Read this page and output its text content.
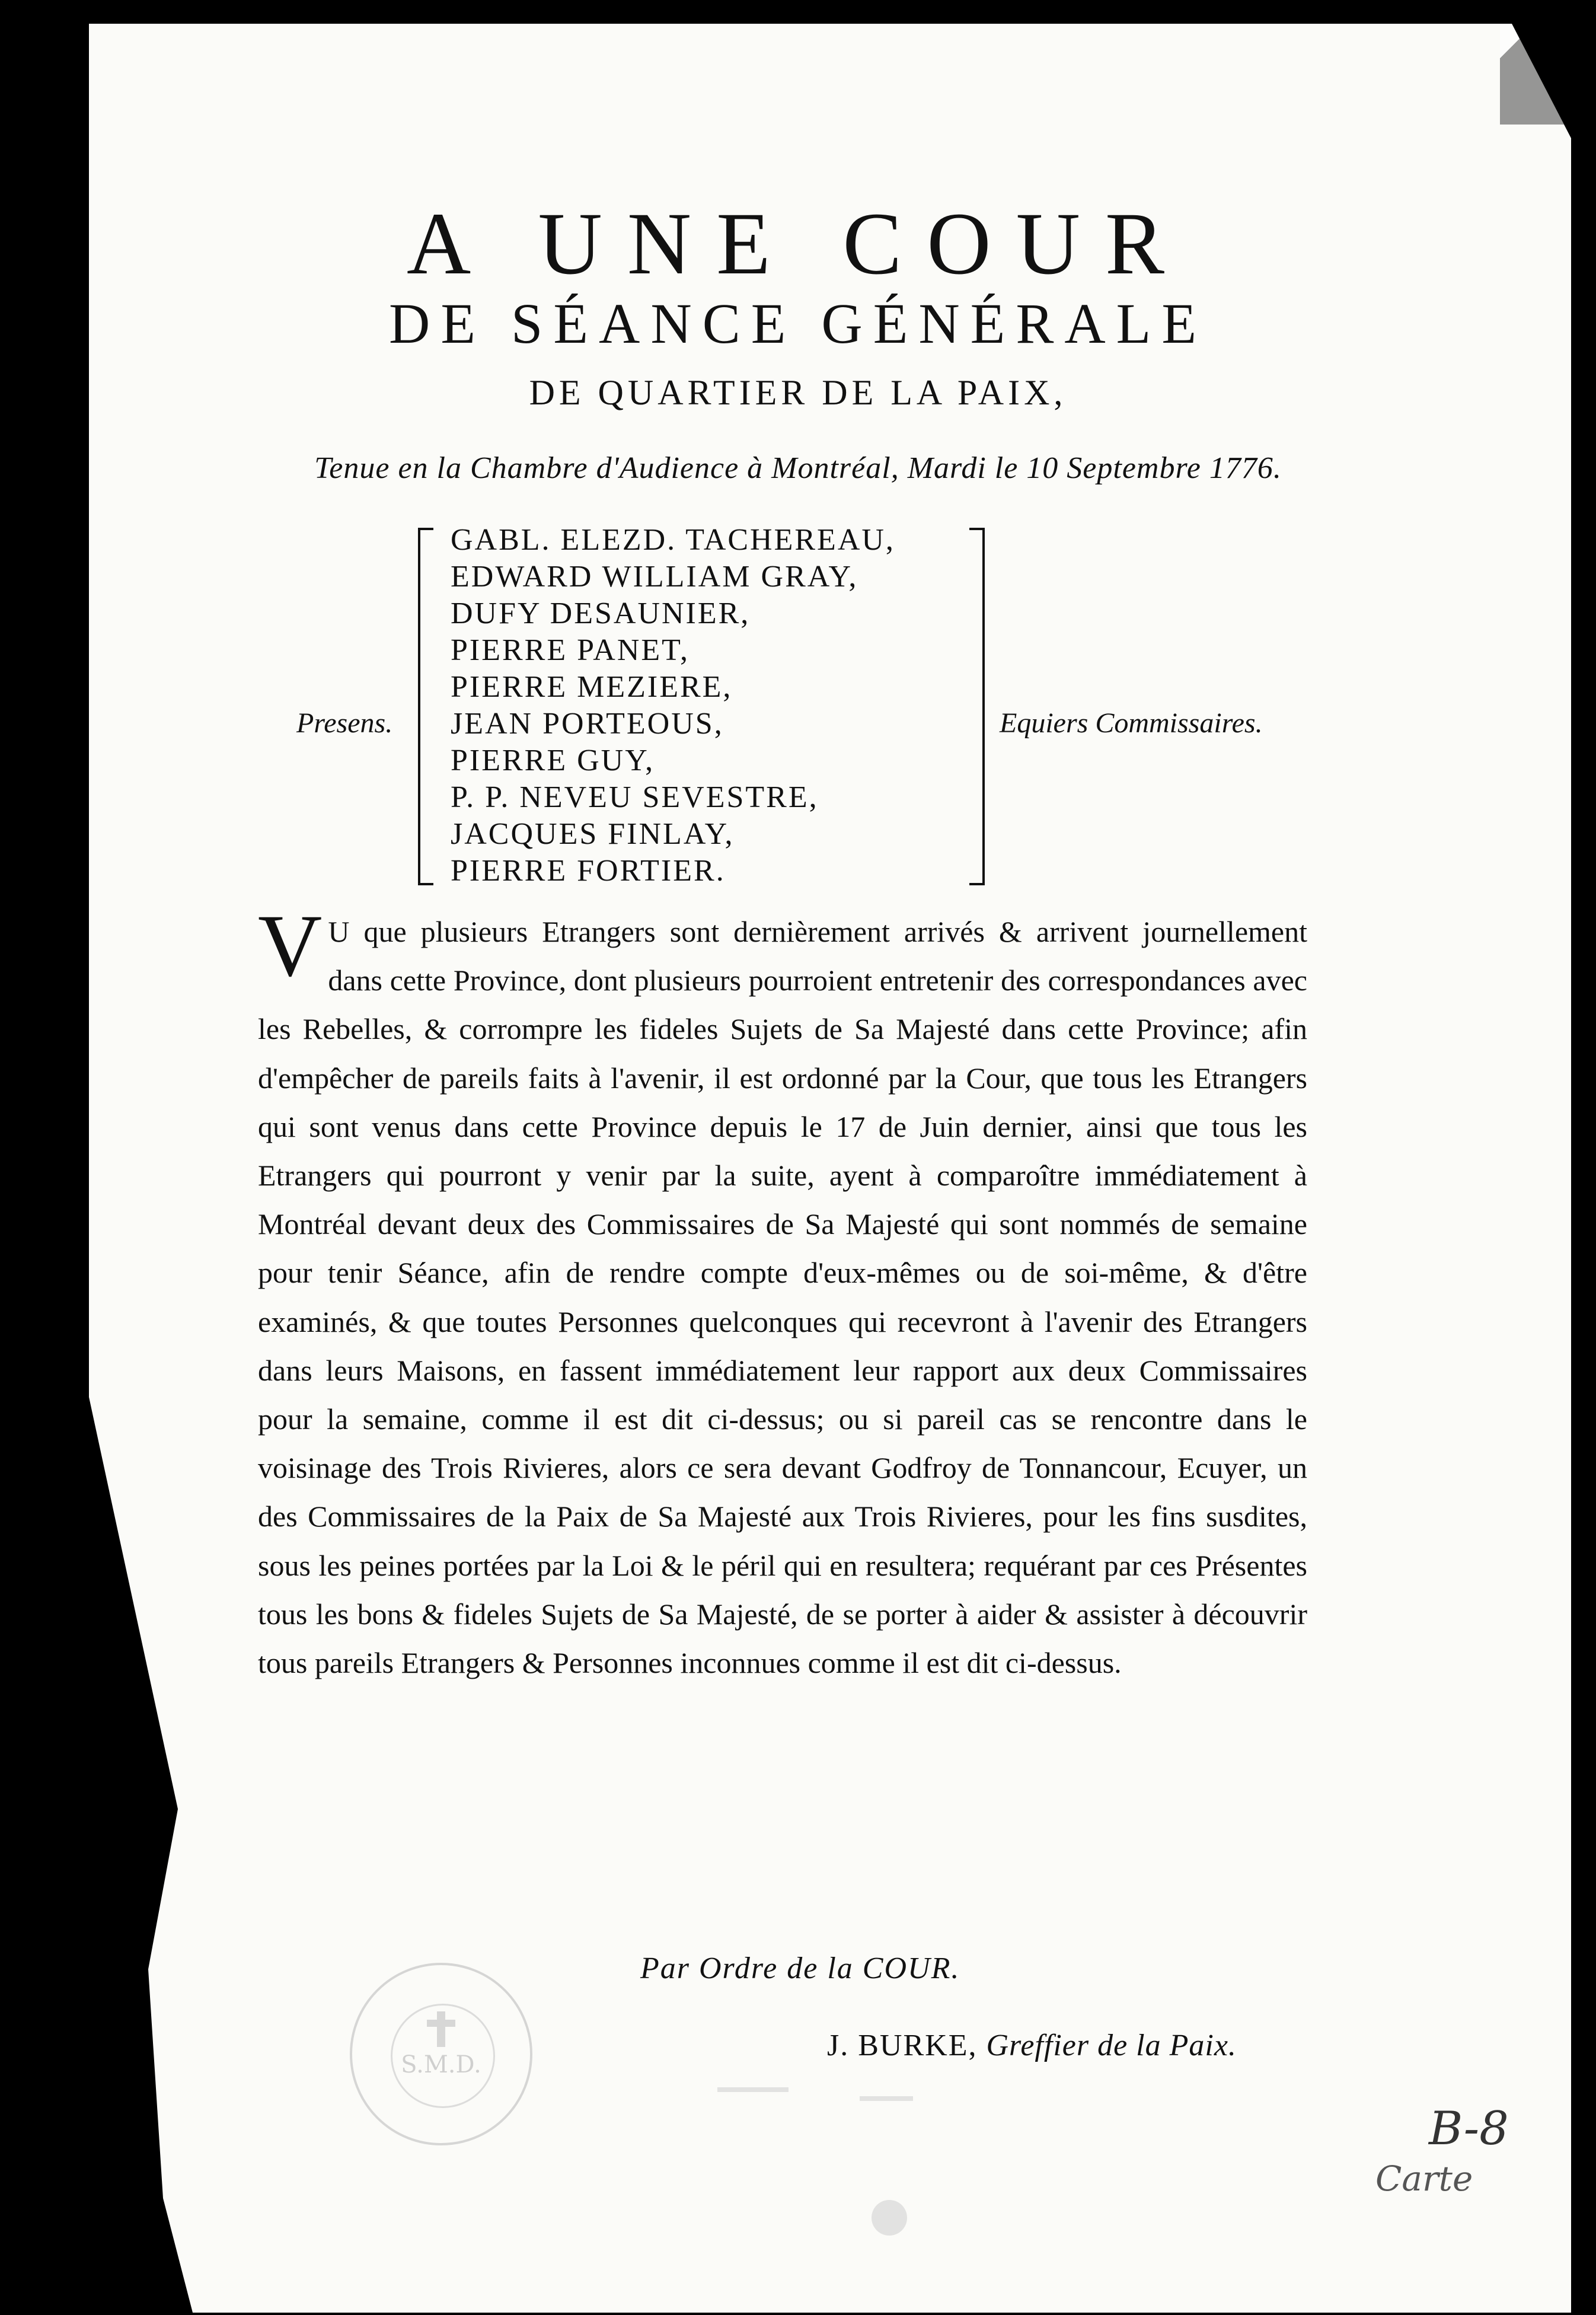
A UNE COUR
DE SÉANCE GÉNÉRALE
DE QUARTIER DE LA PAIX,
Tenue en la Chambre d'Audience à Montréal, Mardi le 10 Septembre 1776.
Presens.
GABL. ELEZD. TACHEREAU,
EDWARD WILLIAM GRAY,
DUFY DESAUNIER,
PIERRE PANET,
PIERRE MEZIERE,
JEAN PORTEOUS,
PIERRE GUY,
P. P. NEVEU SEVESTRE,
JACQUES FINLAY,
PIERRE FORTIER.
Equiers Commissaires.
V U que plusieurs Etrangers sont dernièrement arrivés & arrivent journellement dans cette Province, dont plusieurs pourroient entretenir des correspondances avec les Rebelles, & corrompre les fideles Sujets de Sa Majesté dans cette Province; afin d'empêcher de pareils faits à l'avenir, il est ordonné par la Cour, que tous les Etrangers qui sont venus dans cette Province depuis le 17 de Juin dernier, ainsi que tous les Etrangers qui pourront y venir par la suite, ayent à comparoître immédiatement à Montréal devant deux des Commissaires de Sa Majesté qui sont nommés de semaine pour tenir Séance, afin de rendre compte d'eux-mêmes ou de soi-même, & d'être examinés, & que toutes Personnes quelconques qui recevront à l'avenir des Etrangers dans leurs Maisons, en fassent immédiatement leur rapport aux deux Commissaires pour la semaine, comme il est dit ci-dessus; ou si pareil cas se rencontre dans le voisinage des Trois Rivieres, alors ce sera devant Godfroy de Tonnancour, Ecuyer, un des Commissaires de la Paix de Sa Majesté aux Trois Rivieres, pour les fins susdites, sous les peines portées par la Loi & le péril qui en resultera; requérant par ces Présentes tous les bons & fideles Sujets de Sa Majesté, de se porter à aider & assister à découvrir tous pareils Etrangers & Personnes inconnues comme il est dit ci-dessus.
Par Ordre de la COUR.
J. BURKE, Greffier de la Paix.
S.M.D.
B-8
Carte
